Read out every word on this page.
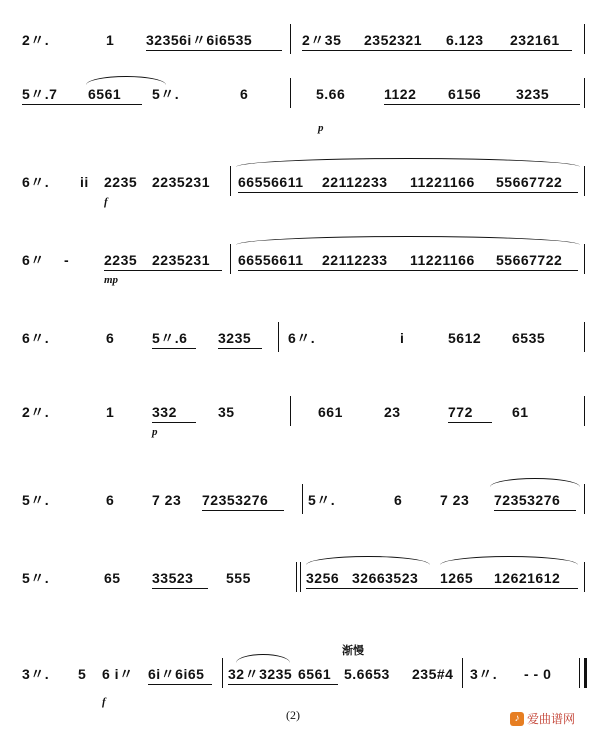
2〃.	1 32356i〃6i6535	2〃35 2352321 6.123 232161
5〃.7 6561 5〃.	6	5.66	1122 6156 3235
p
6〃. ii 2235 2235231 66556611 22112233 11221166 55667722
f
6〃 - 2235 2235231 66556611 22112233 11221166 55667722
mp
6〃.	6	5〃.6 3235	6〃.	i	5612 6535
2〃.	1	332	35	661	23	772	61
p
5〃.	6	7 23 72353276	5〃.	6	7 23 72353276
5〃.	65 33523 555	3256 32663523 1265 12621612
渐慢
3〃. 5 6 i〃 6i〃6i65 32〃3235 6561 5.6653 235#4 3〃. - - 0
f
(2)	♪ 爱曲谱网
